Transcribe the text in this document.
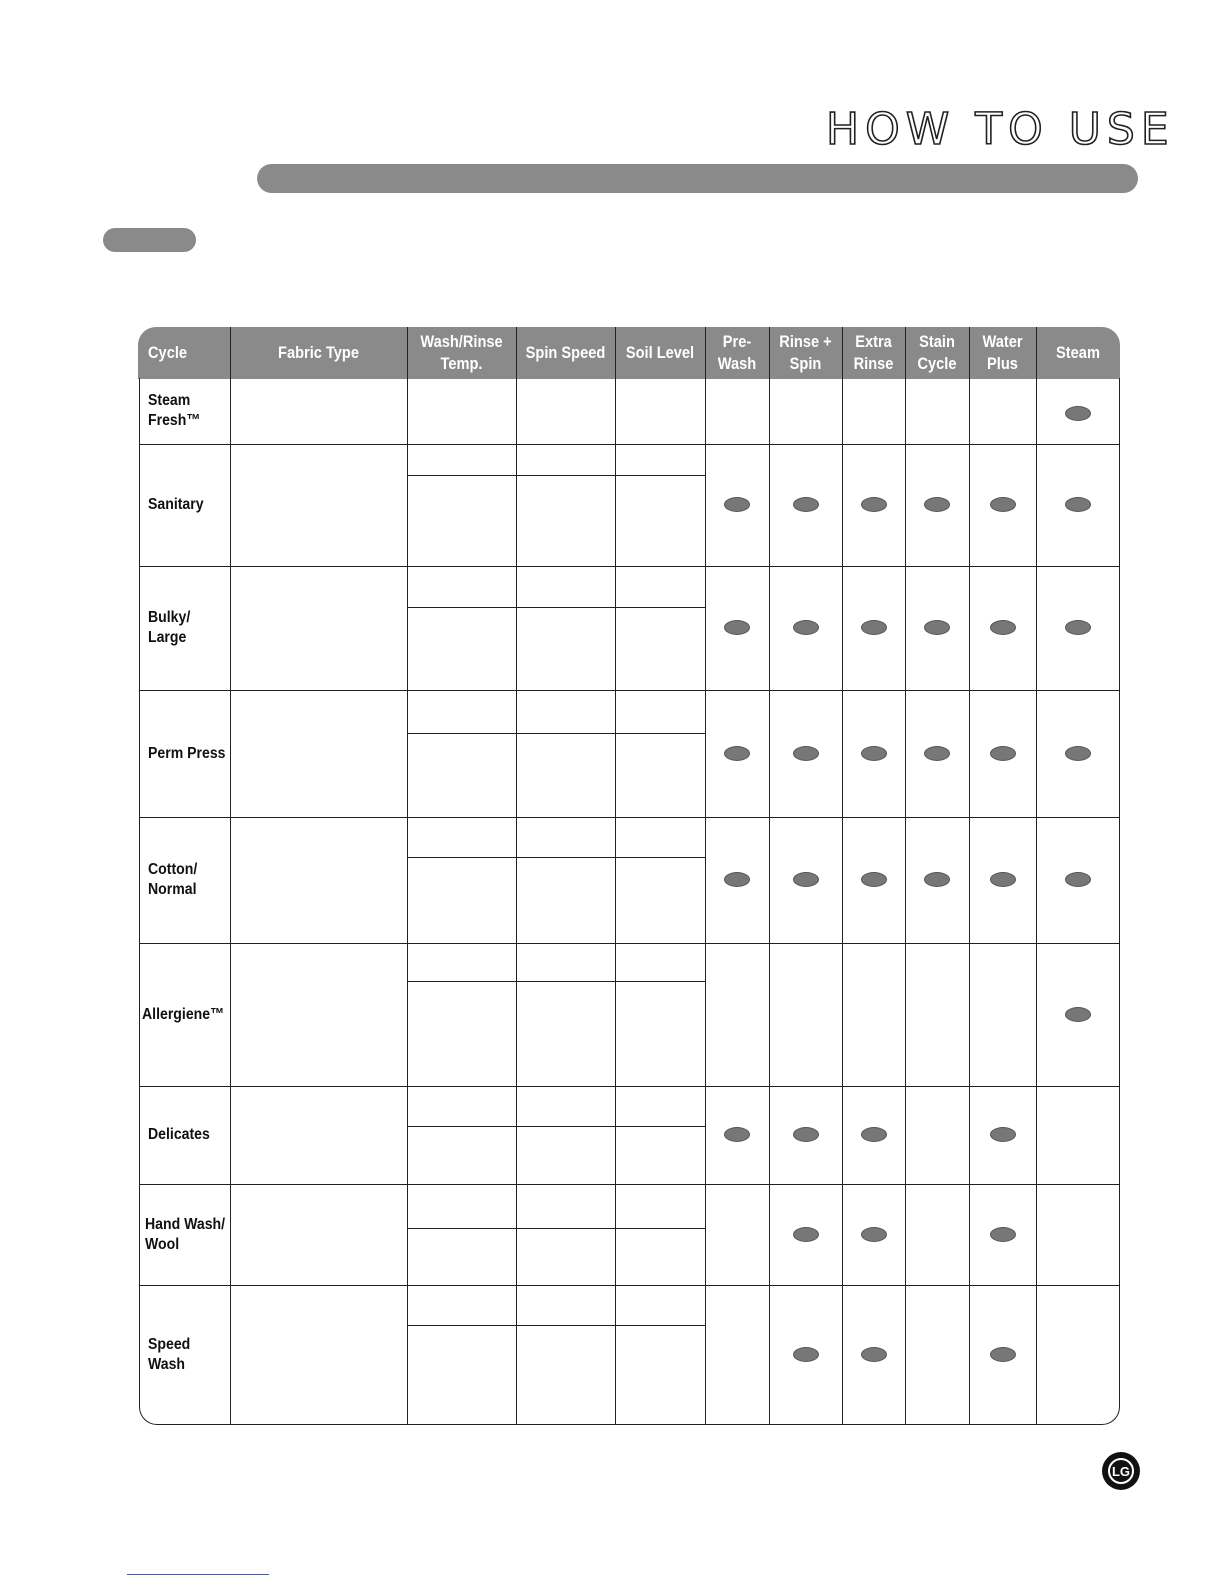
HOW TO USE
Cycle	Fabric Type
Wash/Rinse
Temp.
Spin Speed Soil Level
Pre-
Wash
Rinse +
Spin
Extra
Rinse
Stain
Cycle
Water
Plus
Steam
Steam
Fresh™
Sanitary
Bulky/
Large
Perm Press
Cotton/
Normal
Allergiene™
Delicates
Hand Wash/
Wool
Speed
Wash
LG
